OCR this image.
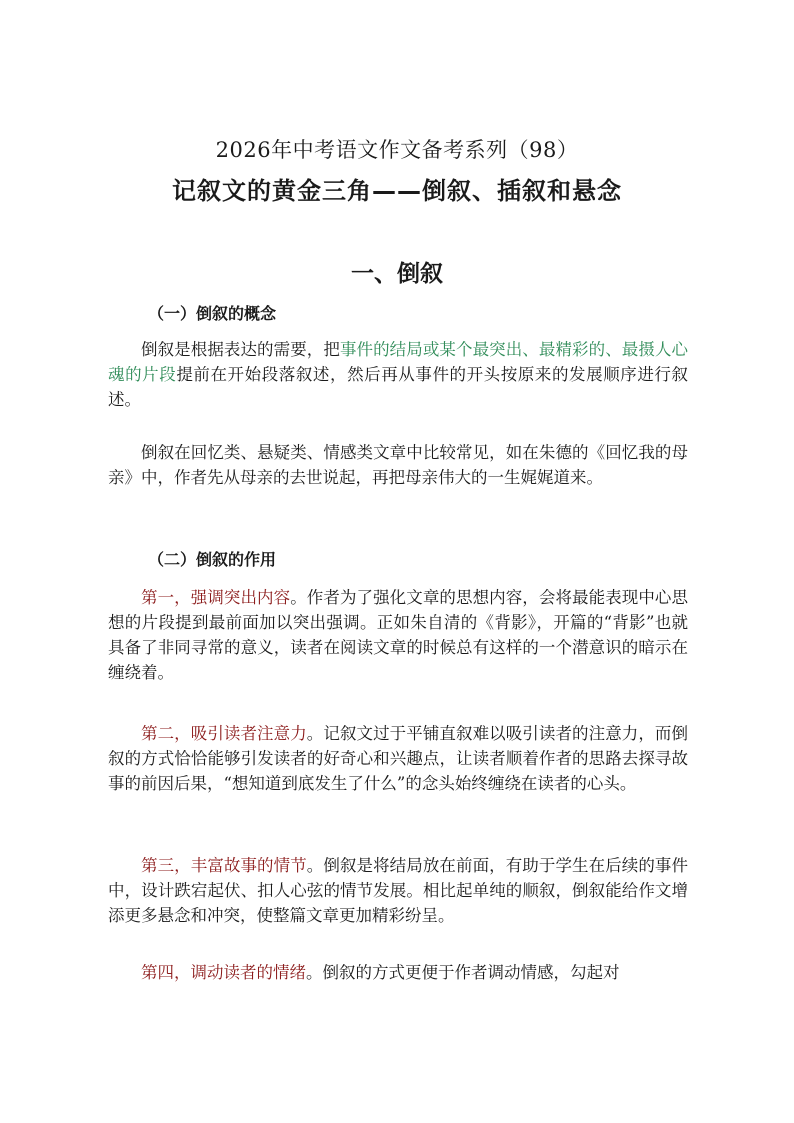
2026年中考语文作文备考系列（98）
记叙文的黄金三角——倒叙、插叙和悬念
一、倒叙
（一）倒叙的概念
倒叙是根据表达的需要，把事件的结局或某个最突出、最精彩的、最摄人心魂的片段提前在开始段落叙述，然后再从事件的开头按原来的发展顺序进行叙述。
倒叙在回忆类、悬疑类、情感类文章中比较常见，如在朱德的《回忆我的母亲》中，作者先从母亲的去世说起，再把母亲伟大的一生娓娓道来。
（二）倒叙的作用
第一，强调突出内容。作者为了强化文章的思想内容，会将最能表现中心思想的片段提到最前面加以突出强调。正如朱自清的《背影》，开篇的“背影”也就具备了非同寻常的意义，读者在阅读文章的时候总有这样的一个潜意识的暗示在缠绕着。
第二，吸引读者注意力。记叙文过于平铺直叙难以吸引读者的注意力，而倒叙的方式恰恰能够引发读者的好奇心和兴趣点，让读者顺着作者的思路去探寻故事的前因后果，“想知道到底发生了什么”的念头始终缠绕在读者的心头。
第三，丰富故事的情节。倒叙是将结局放在前面，有助于学生在后续的事件中，设计跌宕起伏、扣人心弦的情节发展。相比起单纯的顺叙，倒叙能给作文增添更多悬念和冲突，使整篇文章更加精彩纷呈。
第四，调动读者的情绪。倒叙的方式更便于作者调动情感，勾起对
